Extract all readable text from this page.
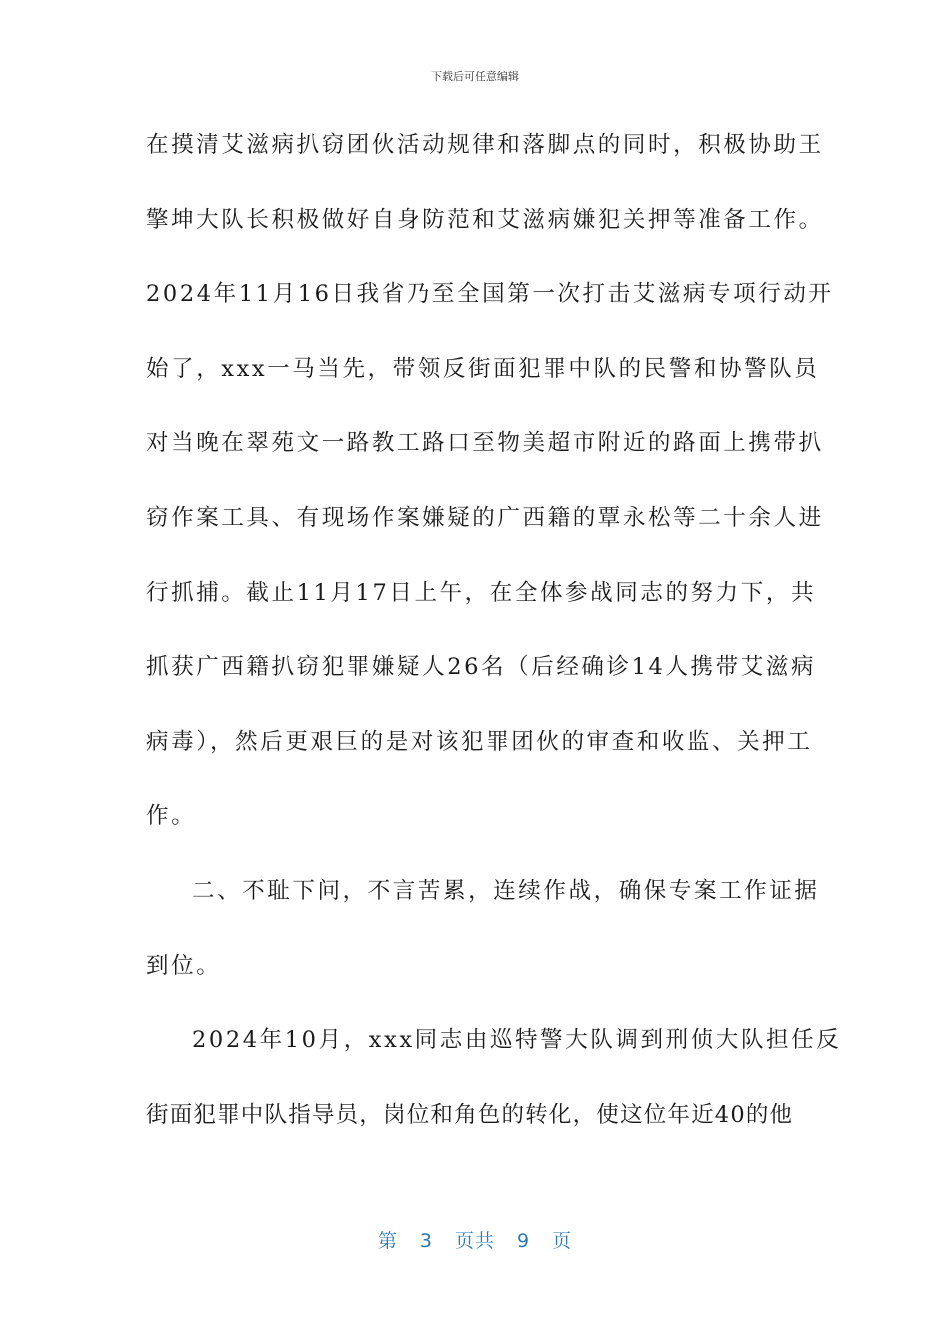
下载后可任意编辑
在摸清艾滋病扒窃团伙活动规律和落脚点的同时，积极协助王
擎坤大队长积极做好自身防范和艾滋病嫌犯关押等准备工作。
2024年11月16日我省乃至全国第一次打击艾滋病专项行动开
始了，xxx一马当先，带领反街面犯罪中队的民警和协警队员
对当晚在翠苑文一路教工路口至物美超市附近的路面上携带扒
窃作案工具、有现场作案嫌疑的广西籍的覃永松等二十余人进
行抓捕。截止11月17日上午，在全体参战同志的努力下，共
抓获广西籍扒窃犯罪嫌疑人26名（后经确诊14人携带艾滋病
病毒），然后更艰巨的是对该犯罪团伙的审查和收监、关押工
作。
二、不耻下问，不言苦累，连续作战，确保专案工作证据
到位。
2024年10月，xxx同志由巡特警大队调到刑侦大队担任反
街面犯罪中队指导员，岗位和角色的转化，使这位年近40的他
第 3 页共 9 页
